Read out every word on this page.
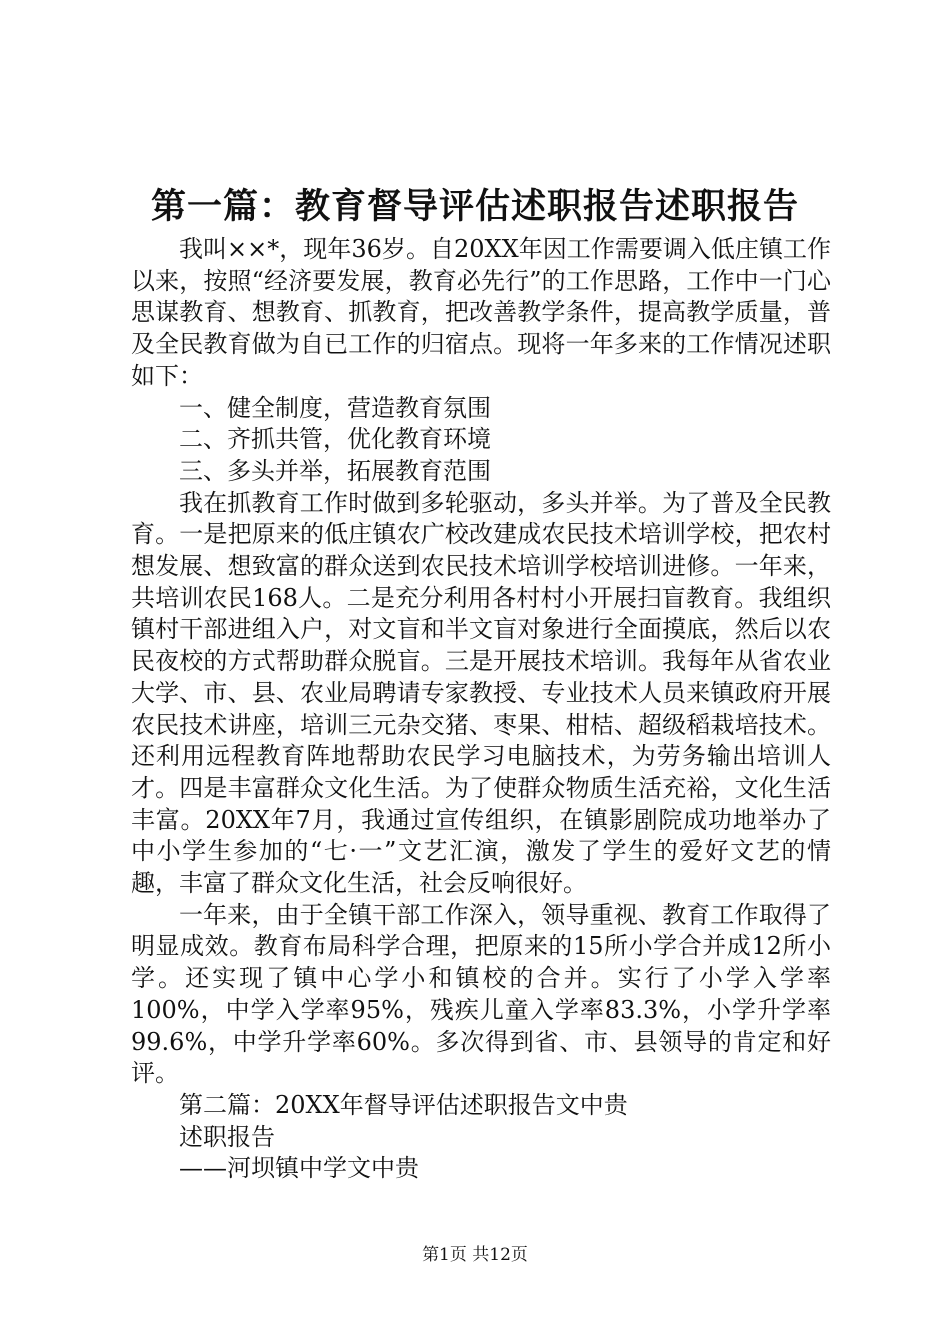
第一篇：教育督导评估述职报告述职报告

我叫××*，现年36岁。自20XX年因工作需要调入低庄镇工作以来，按照“经济要发展，教育必先行”的工作思路，工作中一门心思谋教育、想教育、抓教育，把改善教学条件，提高教学质量，普及全民教育做为自已工作的归宿点。现将一年多来的工作情况述职如下：

一、健全制度，营造教育氛围

二、齐抓共管，优化教育环境

三、多头并举，拓展教育范围

我在抓教育工作时做到多轮驱动，多头并举。为了普及全民教育。一是把原来的低庄镇农广校改建成农民技术培训学校，把农村想发展、想致富的群众送到农民技术培训学校培训进修。一年来，共培训农民168人。二是充分利用各村村小开展扫盲教育。我组织镇村干部进组入户，对文盲和半文盲对象进行全面摸底，然后以农民夜校的方式帮助群众脱盲。三是开展技术培训。我每年从省农业大学、市、县、农业局聘请专家教授、专业技术人员来镇政府开展农民技术讲座，培训三元杂交猪、枣果、柑桔、超级稻栽培技术。还利用远程教育阵地帮助农民学习电脑技术，为劳务输出培训人才。四是丰富群众文化生活。为了使群众物质生活充裕，文化生活丰富。20XX年7月，我通过宣传组织，在镇影剧院成功地举办了中小学生参加的“七·一”文艺汇演，激发了学生的爱好文艺的情趣，丰富了群众文化生活，社会反响很好。

一年来，由于全镇干部工作深入，领导重视、教育工作取得了明显成效。教育布局科学合理，把原来的15所小学合并成12所小学。还实现了镇中心学小和镇校的合并。实行了小学入学率100%，中学入学率95%，残疾儿童入学率83.3%，小学升学率99.6%，中学升学率60%。多次得到省、市、县领导的肯定和好评。

第二篇：20XX年督导评估述职报告文中贵

述职报告

——河坝镇中学文中贵

第1页 共12页
